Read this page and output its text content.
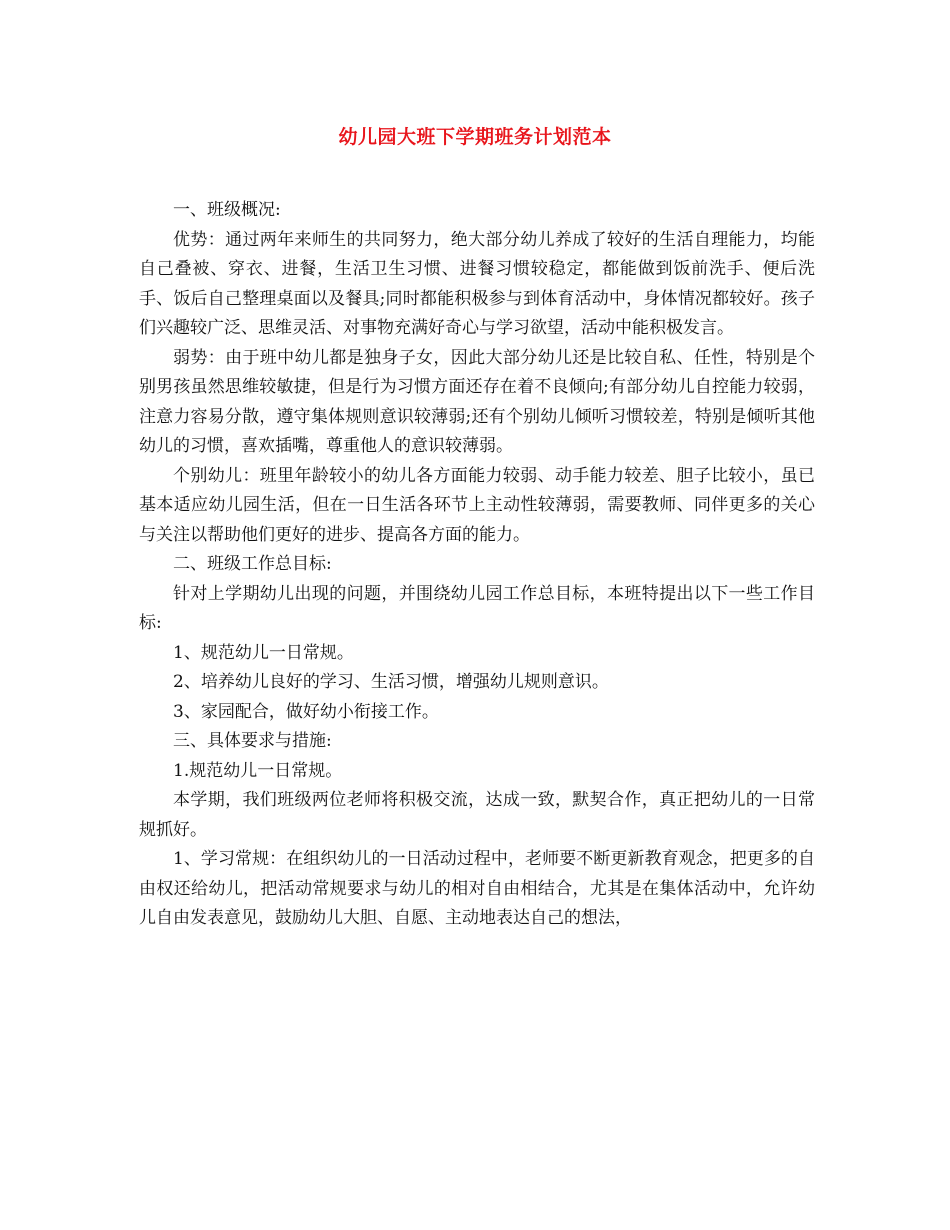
幼儿园大班下学期班务计划范本

一、班级概况:

优势：通过两年来师生的共同努力，绝大部分幼儿养成了较好的生活自理能力，均能自己叠被、穿衣、进餐，生活卫生习惯、进餐习惯较稳定，都能做到饭前洗手、便后洗手、饭后自己整理桌面以及餐具;同时都能积极参与到体育活动中，身体情况都较好。孩子们兴趣较广泛、思维灵活、对事物充满好奇心与学习欲望，活动中能积极发言。

弱势：由于班中幼儿都是独身子女，因此大部分幼儿还是比较自私、任性，特别是个别男孩虽然思维较敏捷，但是行为习惯方面还存在着不良倾向;有部分幼儿自控能力较弱，注意力容易分散，遵守集体规则意识较薄弱;还有个别幼儿倾听习惯较差，特别是倾听其他幼儿的习惯，喜欢插嘴，尊重他人的意识较薄弱。

个别幼儿：班里年龄较小的幼儿各方面能力较弱、动手能力较差、胆子比较小，虽已基本适应幼儿园生活，但在一日生活各环节上主动性较薄弱，需要教师、同伴更多的关心与关注以帮助他们更好的进步、提高各方面的能力。

二、班级工作总目标:

针对上学期幼儿出现的问题，并围绕幼儿园工作总目标，本班特提出以下一些工作目标:

1、规范幼儿一日常规。

2、培养幼儿良好的学习、生活习惯，增强幼儿规则意识。

3、家园配合，做好幼小衔接工作。

三、具体要求与措施:

1.规范幼儿一日常规。

本学期，我们班级两位老师将积极交流，达成一致，默契合作，真正把幼儿的一日常规抓好。

1、学习常规：在组织幼儿的一日活动过程中，老师要不断更新教育观念，把更多的自由权还给幼儿，把活动常规要求与幼儿的相对自由相结合，尤其是在集体活动中，允许幼儿自由发表意见，鼓励幼儿大胆、自愿、主动地表达自己的想法，
